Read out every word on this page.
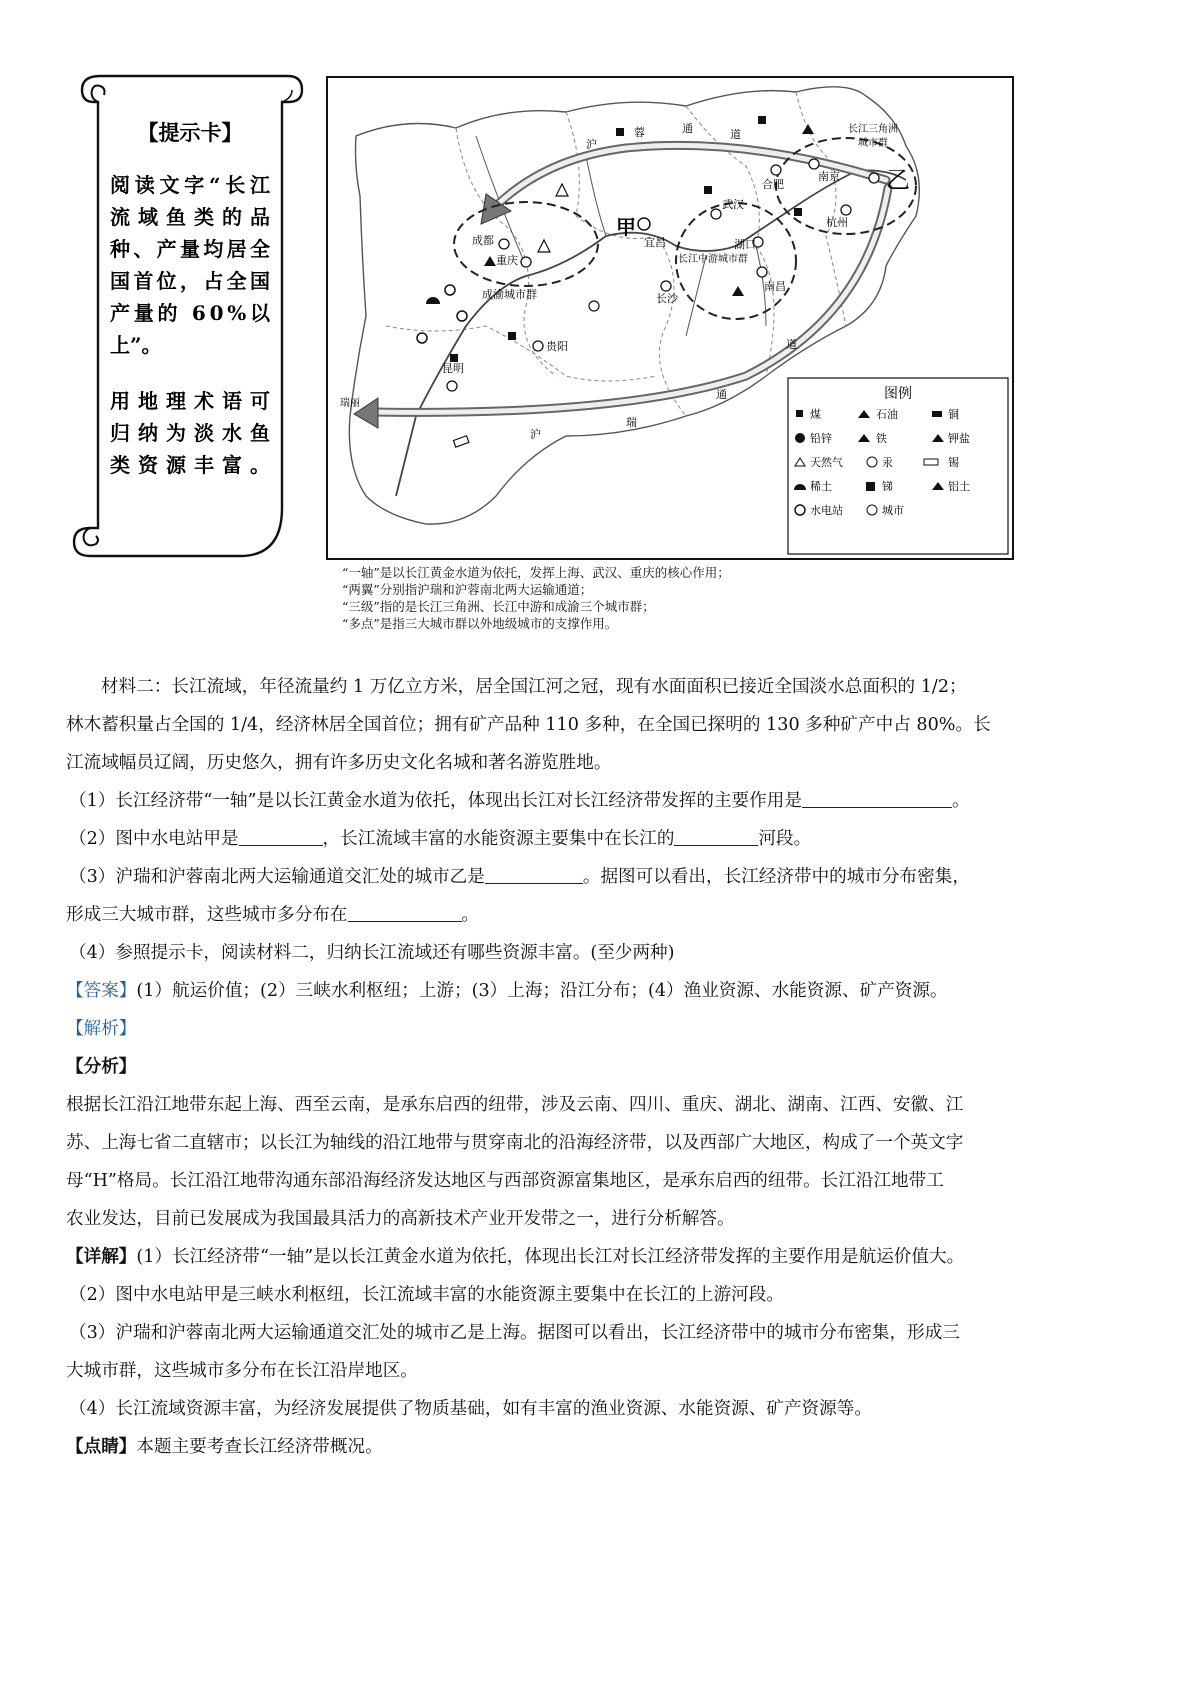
【提示卡】
阅读文字“长江
流域鱼类的品
种、产量均居全
国首位，占全国
产量的 60%以
上”。
用地理术语可
归纳为淡水鱼
类资源丰富。
成都
重庆
成渝城市群
贵阳
昆明
瑞丽
武汉
宜昌
长沙
南昌
湖口
合肥
南京
杭州
长江中游城市群
长江三角洲
城市群
甲
乙
沪
蓉	通	道
沪
瑞
通
道
图例
煤	石油	铜
铅锌	铁	钾盐
天然气	汞	锡
稀土	锑	铝土
水电站	城市
“一轴”是以长江黄金水道为依托，发挥上海、武汉、重庆的核心作用；
“两翼”分别指沪瑞和沪蓉南北两大运输通道；
“三级”指的是长江三角洲、长江中游和成渝三个城市群；
“多点”是指三大城市群以外地级城市的支撑作用。

材料二：长江流域，年径流量约 1 万亿立方米，居全国江河之冠，现有水面面积已接近全国淡水总面积的 1/2；

林木蓄积量占全国的 1/4，经济林居全国首位；拥有矿产品种 110 多种，在全国已探明的 130 多种矿产中占 80%。长

江流域幅员辽阔，历史悠久，拥有许多历史文化名城和著名游览胜地。

（1）长江经济带“一轴”是以长江黄金水道为依托，体现出长江对长江经济带发挥的主要作用是	。

（2）图中水电站甲是	，长江流域丰富的水能资源主要集中在长江的	河段。

（3）沪瑞和沪蓉南北两大运输通道交汇处的城市乙是	。据图可以看出，长江经济带中的城市分布密集，

形成三大城市群，这些城市多分布在	。

（4）参照提示卡，阅读材料二，归纳长江流域还有哪些资源丰富。(至少两种)

【答案】(1）航运价值；(2）三峡水利枢纽；上游；(3）上海；沿江分布；(4）渔业资源、水能资源、矿产资源。

【解析】

【分析】

根据长江沿江地带东起上海、西至云南，是承东启西的纽带，涉及云南、四川、重庆、湖北、湖南、江西、安徽、江

苏、上海七省二直辖市；以长江为轴线的沿江地带与贯穿南北的沿海经济带，以及西部广大地区，构成了一个英文字

母“H”格局。长江沿江地带沟通东部沿海经济发达地区与西部资源富集地区，是承东启西的纽带。长江沿江地带工

农业发达，目前已发展成为我国最具活力的高新技术产业开发带之一，进行分析解答。

【详解】(1）长江经济带“一轴”是以长江黄金水道为依托，体现出长江对长江经济带发挥的主要作用是航运价值大。

（2）图中水电站甲是三峡水利枢纽，长江流域丰富的水能资源主要集中在长江的上游河段。

（3）沪瑞和沪蓉南北两大运输通道交汇处的城市乙是上海。据图可以看出，长江经济带中的城市分布密集，形成三

大城市群，这些城市多分布在长江沿岸地区。

（4）长江流域资源丰富，为经济发展提供了物质基础，如有丰富的渔业资源、水能资源、矿产资源等。

【点睛】本题主要考查长江经济带概况。
